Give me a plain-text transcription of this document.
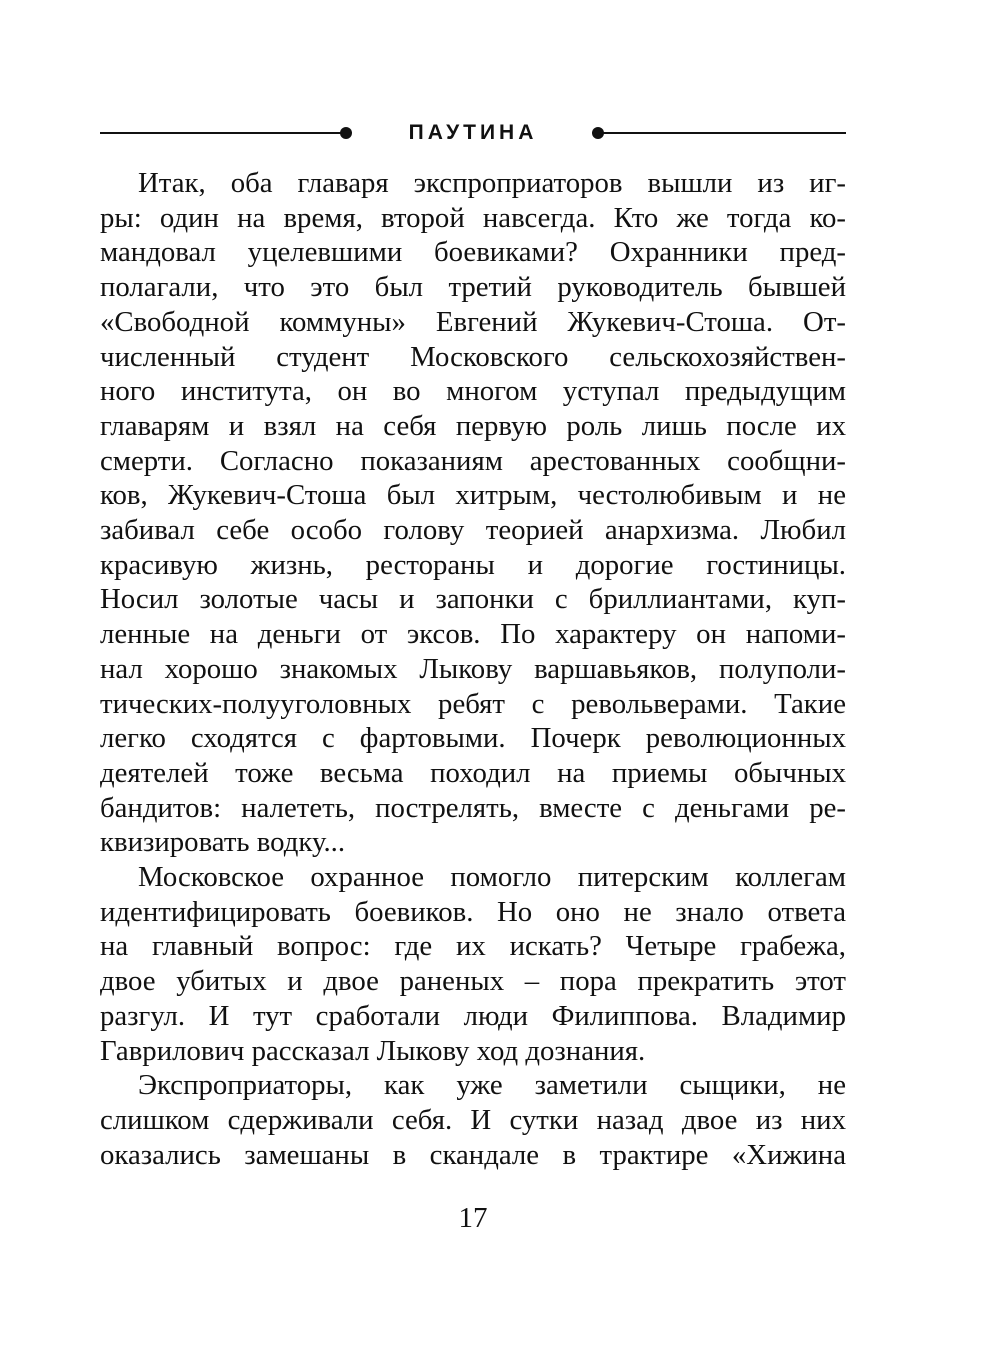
ПАУТИНА

Итак, оба главаря экспроприаторов вышли из иг-
ры: один на время, второй навсегда. Кто же тогда ко-
мандовал уцелевшими боевиками? Охранники пред-
полагали, что это был третий руководитель бывшей
«Свободной коммуны» Евгений Жукевич-Стоша. От-
численный студент Московского сельскохозяйствен-
ного института, он во многом уступал предыдущим
главарям и взял на себя первую роль лишь после их
смерти. Согласно показаниям арестованных сообщни-
ков, Жукевич-Стоша был хитрым, честолюбивым и не
забивал себе особо голову теорией анархизма. Любил
красивую жизнь, рестораны и дорогие гостиницы.
Носил золотые часы и запонки с бриллиантами, куп-
ленные на деньги от эксов. По характеру он напоми-
нал хорошо знакомых Лыкову варшавьяков, полуполи-
тических-полууголовных ребят с револьверами. Такие
легко сходятся с фартовыми. Почерк революционных
деятелей тоже весьма походил на приемы обычных
бандитов: налететь, пострелять, вместе с деньгами ре-
квизировать водку...

Московское охранное помогло питерским коллегам
идентифицировать боевиков. Но оно не знало ответа
на главный вопрос: где их искать? Четыре грабежа,
двое убитых и двое раненых – пора прекратить этот
разгул. И тут сработали люди Филиппова. Владимир
Гаврилович рассказал Лыкову ход дознания.

Экспроприаторы, как уже заметили сыщики, не
слишком сдерживали себя. И сутки назад двое из них
оказались замешаны в скандале в трактире «Хижина

17
